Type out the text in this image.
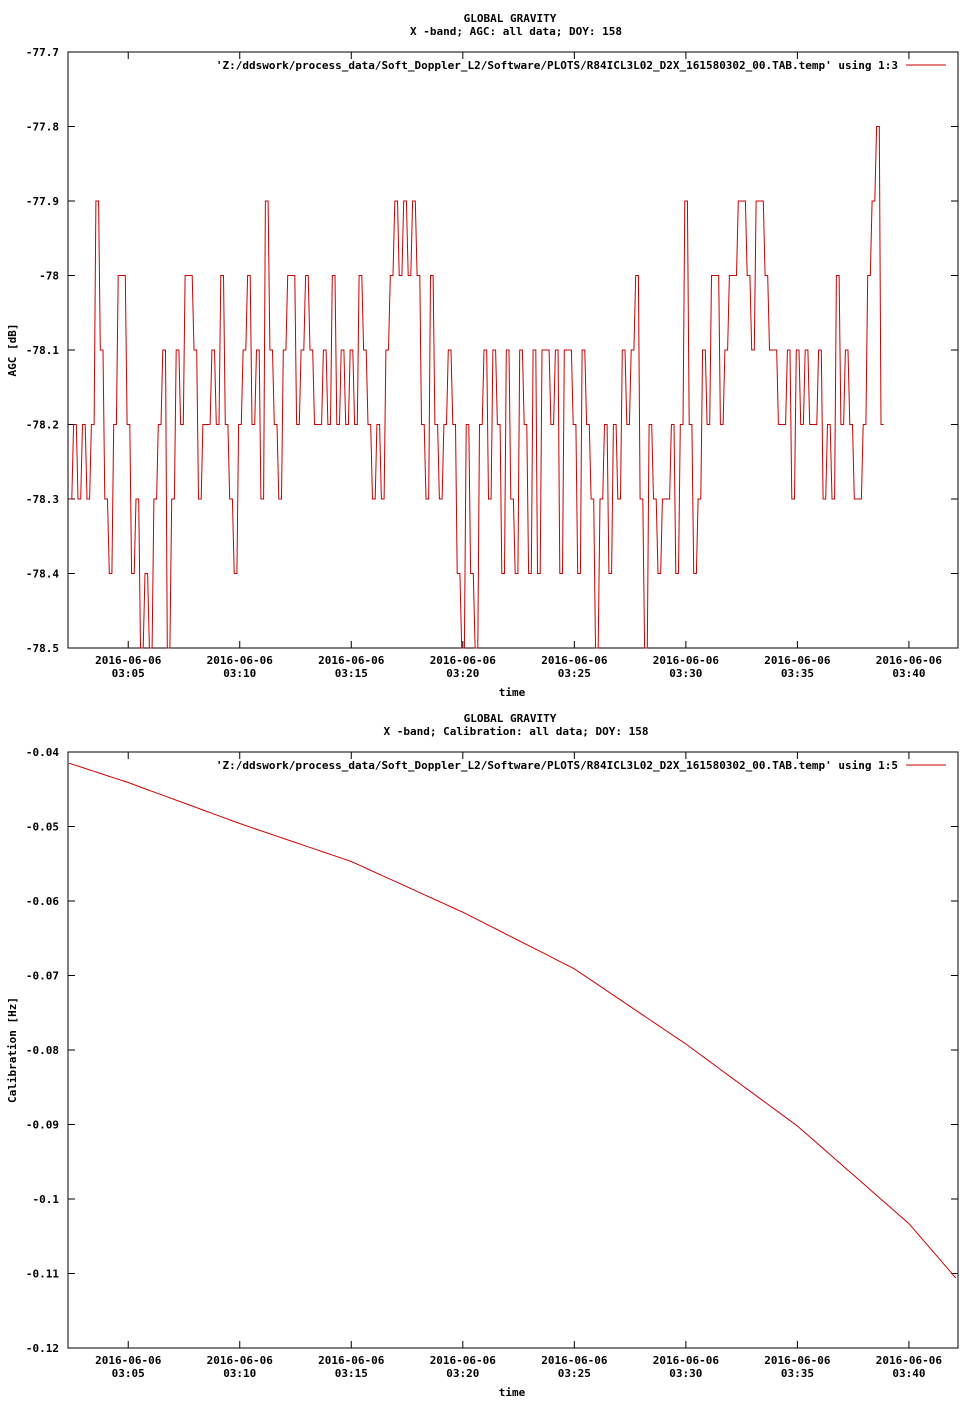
GLOBAL GRAVITY
X -band; AGC: all data; DOY: 158
time
AGC [dB]
'Z:/ddswork/process_data/Soft_Doppler_L2/Software/PLOTS/R84ICL3L02_D2X_161580302_00.TAB.temp' using 1:3
GLOBAL GRAVITY
X -band; Calibration: all data; DOY: 158
time
Calibration [Hz]
'Z:/ddswork/process_data/Soft_Doppler_L2/Software/PLOTS/R84ICL3L02_D2X_161580302_00.TAB.temp' using 1:5
-77.7
-77.8
-77.9
-78
-78.1
-78.2
-78.3
-78.4
-78.5
2016-06-06
03:05
2016-06-06
03:10
2016-06-06
03:15
2016-06-06
03:20
2016-06-06
03:25
2016-06-06
03:30
2016-06-06
03:35
2016-06-06
03:40
-0.04
-0.05
-0.06
-0.07
-0.08
-0.09
-0.1
-0.11
-0.12
2016-06-06
03:05
2016-06-06
03:10
2016-06-06
03:15
2016-06-06
03:20
2016-06-06
03:25
2016-06-06
03:30
2016-06-06
03:35
2016-06-06
03:40
